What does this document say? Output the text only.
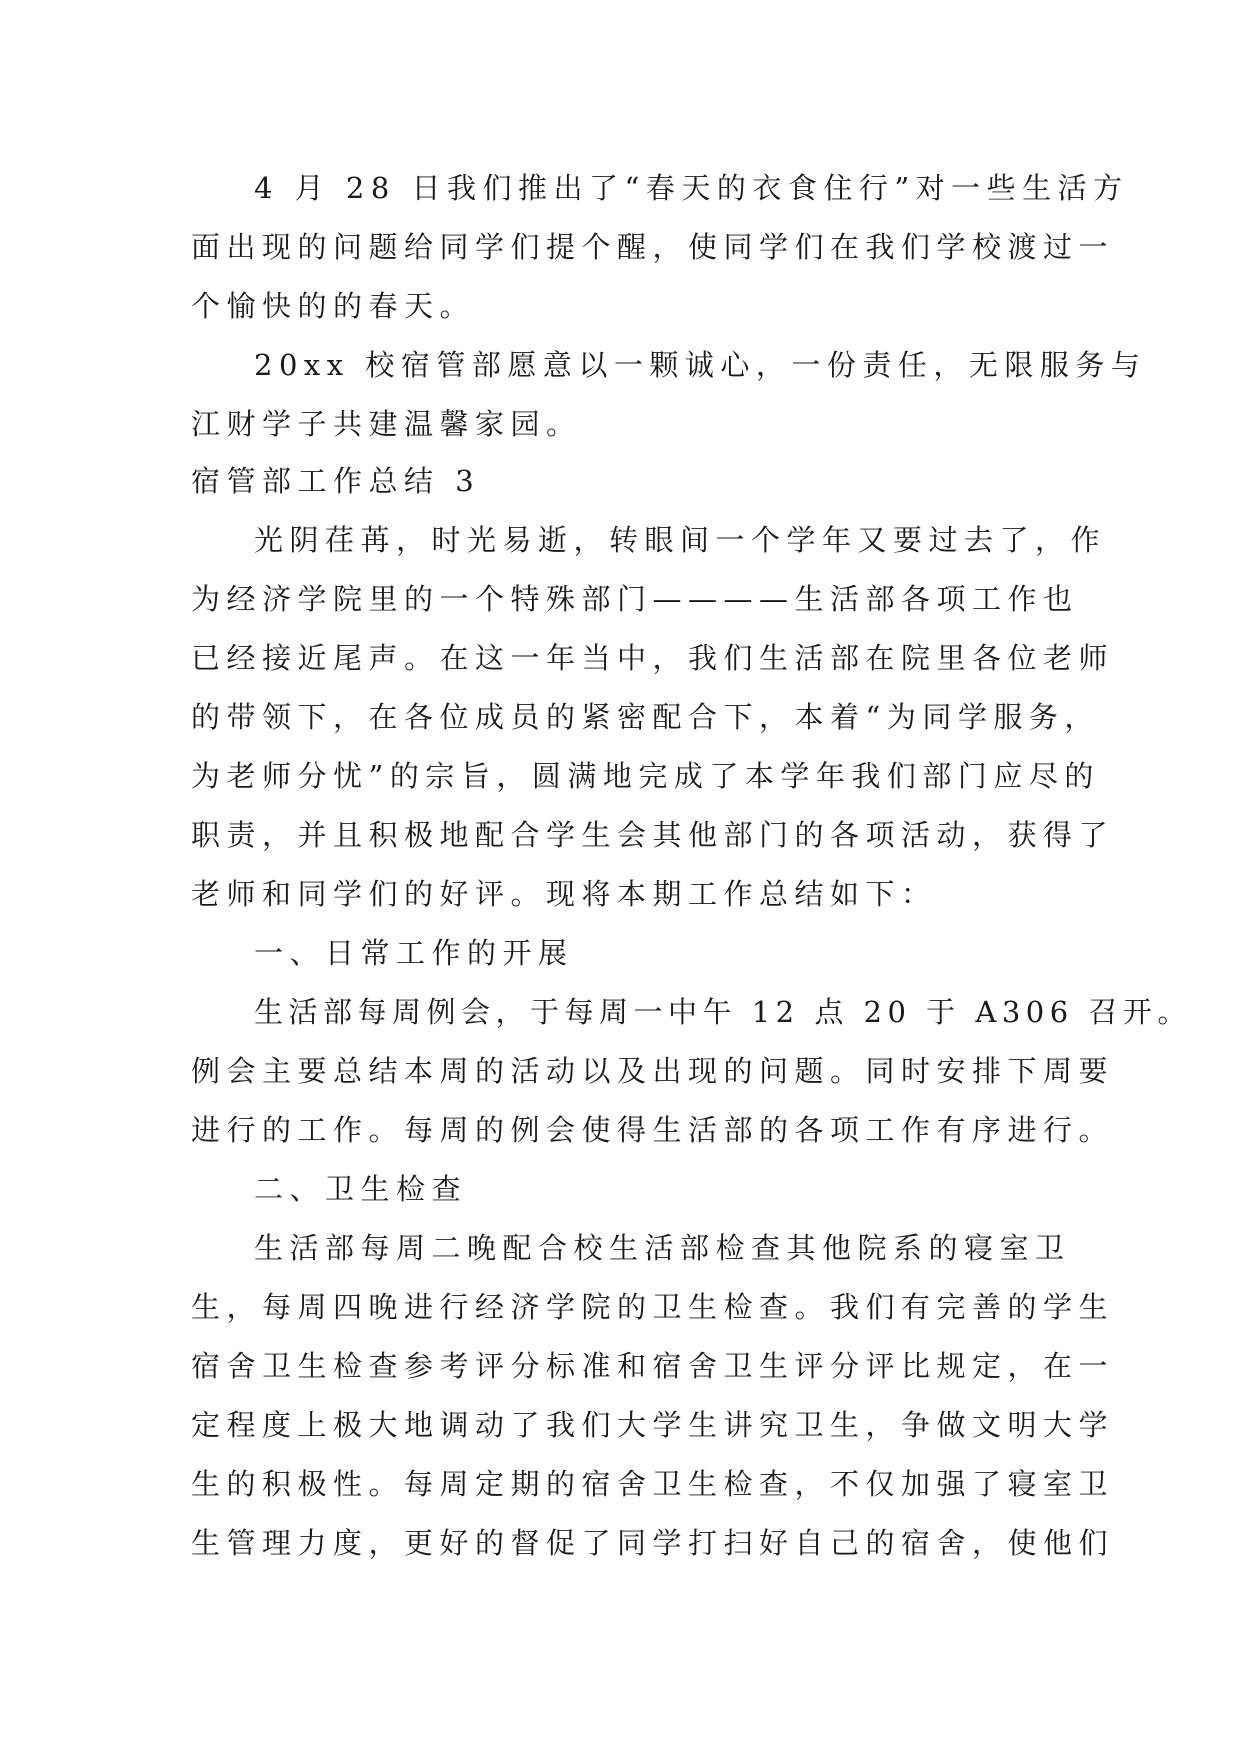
4 月 28 日我们推出了“春天的衣食住行”对一些生活方
面出现的问题给同学们提个醒，使同学们在我们学校渡过一
个愉快的的春天。
20xx 校宿管部愿意以一颗诚心，一份责任，无限服务与
江财学子共建温馨家园。
宿管部工作总结 3
光阴荏苒，时光易逝，转眼间一个学年又要过去了，作
为经济学院里的一个特殊部门————生活部各项工作也
已经接近尾声。在这一年当中，我们生活部在院里各位老师
的带领下，在各位成员的紧密配合下，本着“为同学服务，
为老师分忧”的宗旨，圆满地完成了本学年我们部门应尽的
职责，并且积极地配合学生会其他部门的各项活动，获得了
老师和同学们的好评。现将本期工作总结如下：
一、日常工作的开展
生活部每周例会，于每周一中午 12 点 20 于 A306 召开。
例会主要总结本周的活动以及出现的问题。同时安排下周要
进行的工作。每周的例会使得生活部的各项工作有序进行。
二、卫生检查
生活部每周二晚配合校生活部检查其他院系的寝室卫
生，每周四晚进行经济学院的卫生检查。我们有完善的学生
宿舍卫生检查参考评分标准和宿舍卫生评分评比规定，在一
定程度上极大地调动了我们大学生讲究卫生，争做文明大学
生的积极性。每周定期的宿舍卫生检查，不仅加强了寝室卫
生管理力度，更好的督促了同学打扫好自己的宿舍，使他们
